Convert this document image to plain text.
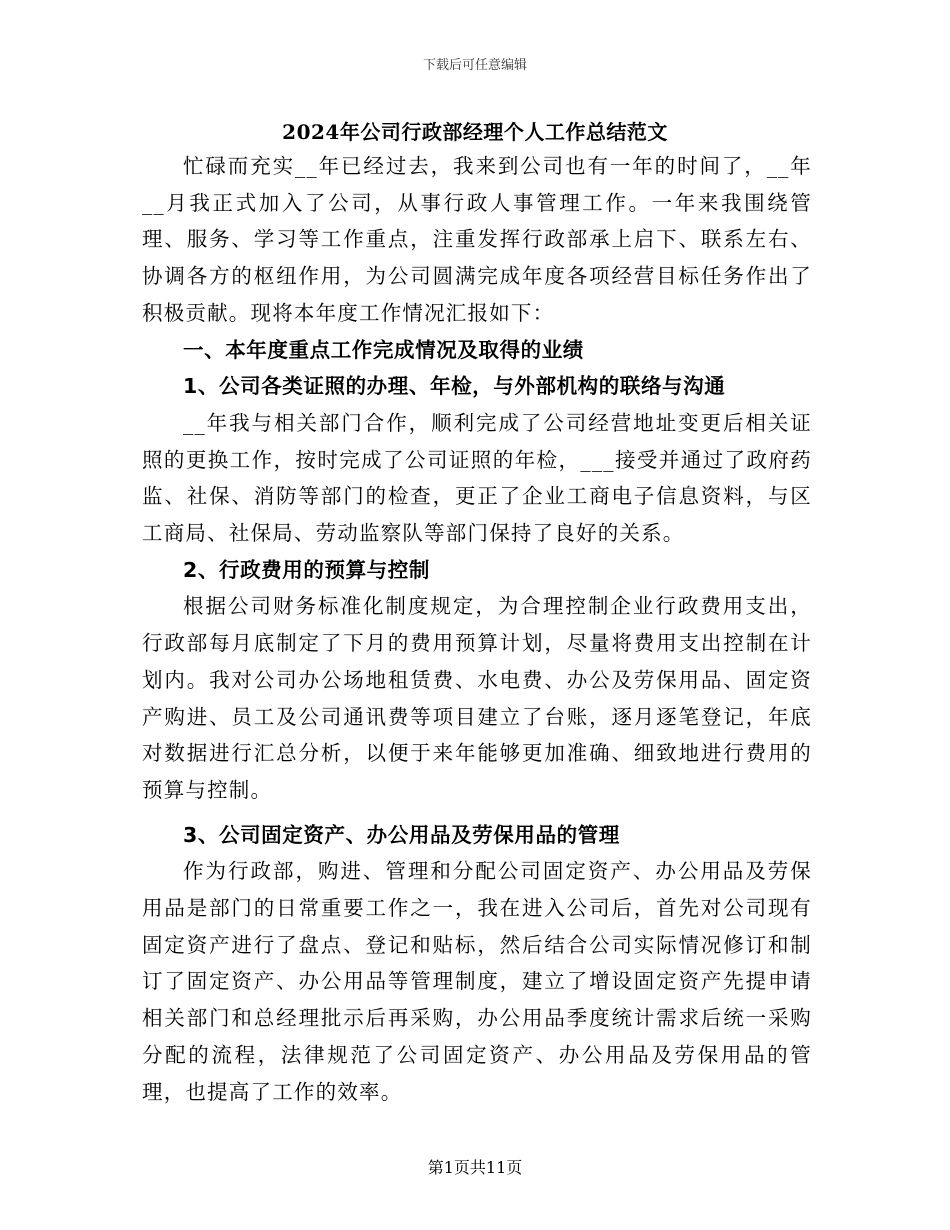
下载后可任意编辑
2024年公司行政部经理个人工作总结范文

忙碌而充实__年已经过去，我来到公司也有一年的时间了，__年__月我正式加入了公司，从事行政人事管理工作。一年来我围绕管理、服务、学习等工作重点，注重发挥行政部承上启下、联系左右、协调各方的枢纽作用，为公司圆满完成年度各项经营目标任务作出了积极贡献。现将本年度工作情况汇报如下：

一、本年度重点工作完成情况及取得的业绩

1、公司各类证照的办理、年检，与外部机构的联络与沟通

__年我与相关部门合作，顺利完成了公司经营地址变更后相关证照的更换工作，按时完成了公司证照的年检，___接受并通过了政府药监、社保、消防等部门的检查，更正了企业工商电子信息资料，与区工商局、社保局、劳动监察队等部门保持了良好的关系。

2、行政费用的预算与控制

根据公司财务标准化制度规定，为合理控制企业行政费用支出，行政部每月底制定了下月的费用预算计划，尽量将费用支出控制在计划内。我对公司办公场地租赁费、水电费、办公及劳保用品、固定资产购进、员工及公司通讯费等项目建立了台账，逐月逐笔登记，年底对数据进行汇总分析，以便于来年能够更加准确、细致地进行费用的预算与控制。

3、公司固定资产、办公用品及劳保用品的管理

作为行政部，购进、管理和分配公司固定资产、办公用品及劳保用品是部门的日常重要工作之一，我在进入公司后，首先对公司现有固定资产进行了盘点、登记和贴标，然后结合公司实际情况修订和制订了固定资产、办公用品等管理制度，建立了增设固定资产先提申请相关部门和总经理批示后再采购，办公用品季度统计需求后统一采购分配的流程，法律规范了公司固定资产、办公用品及劳保用品的管理，也提高了工作的效率。

第1页共11页
